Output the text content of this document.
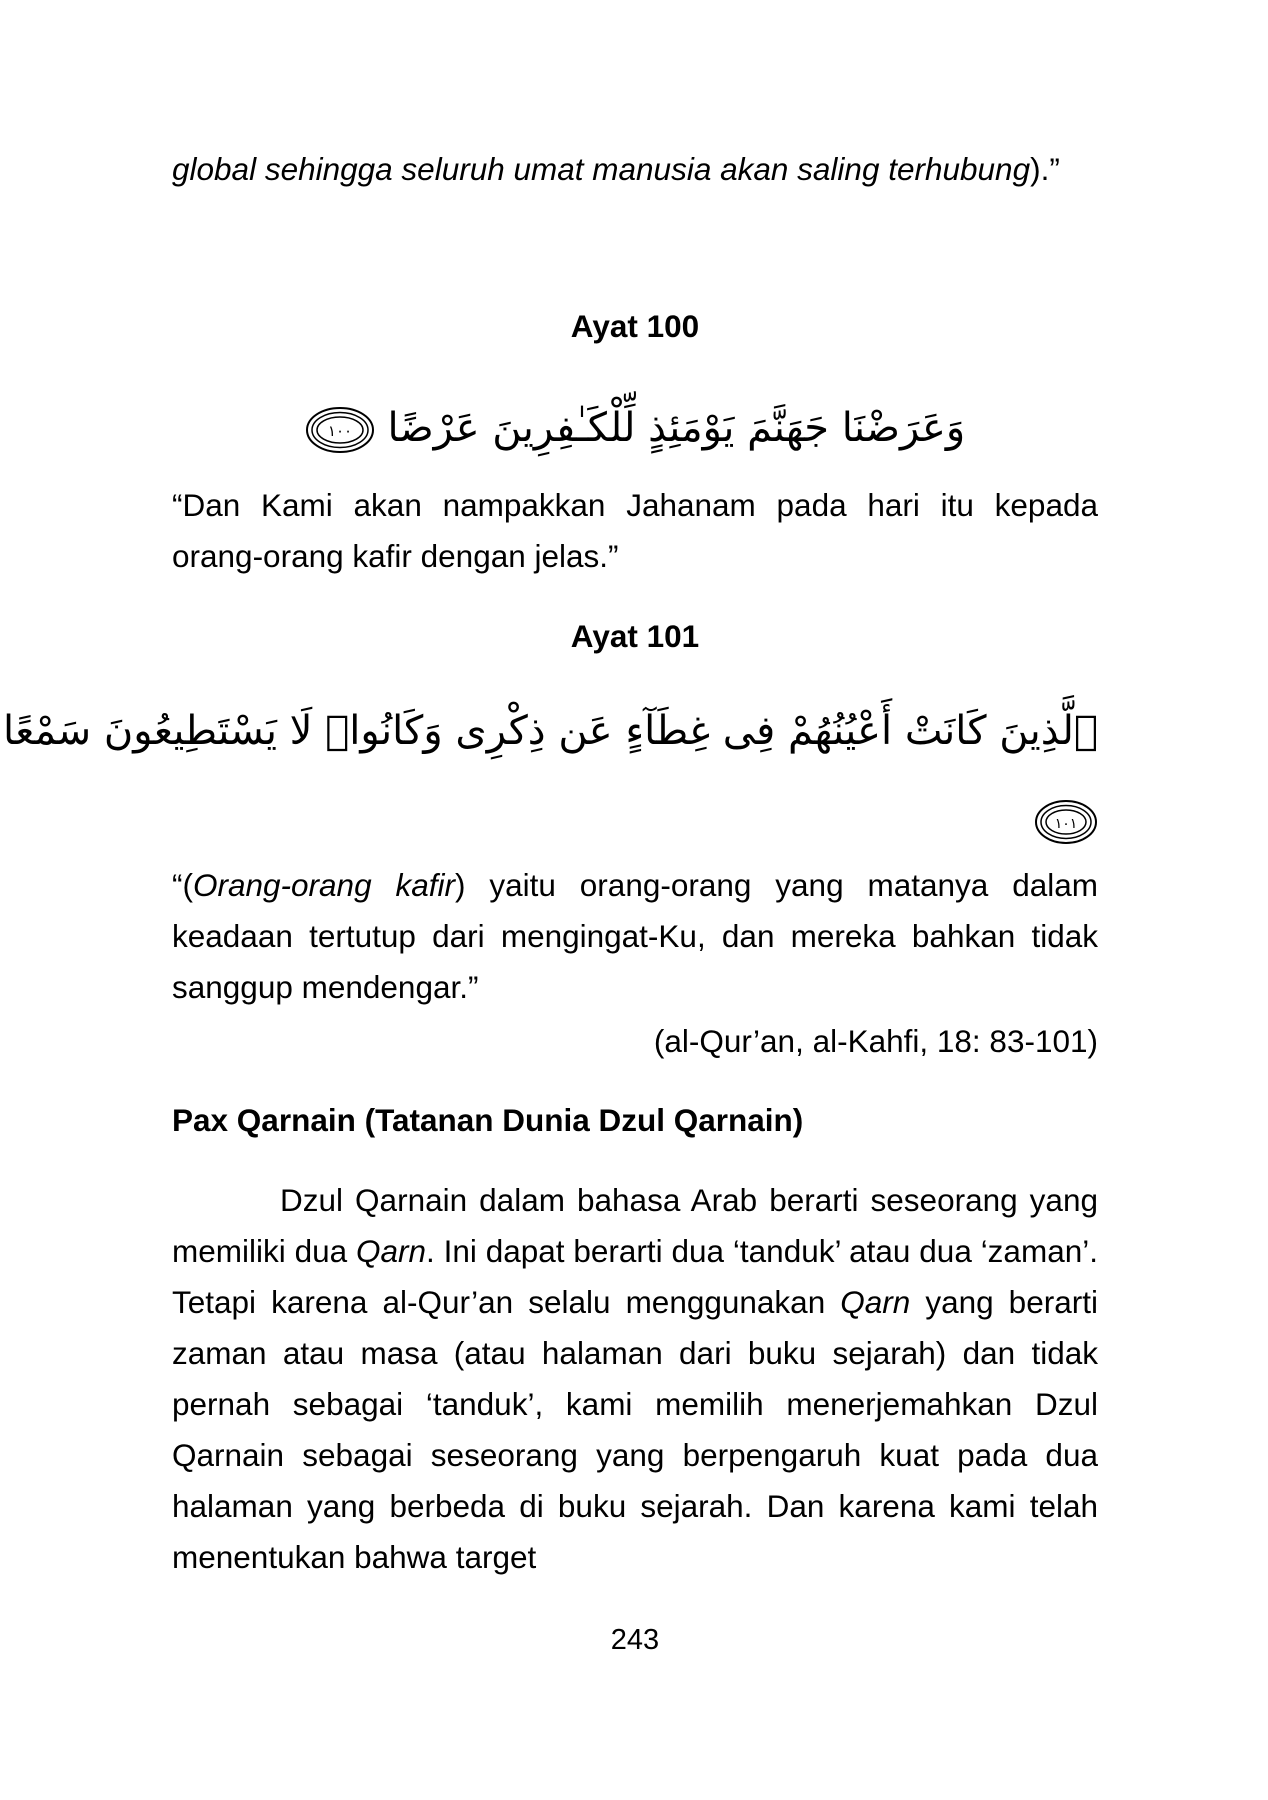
global sehingga seluruh umat manusia akan saling terhubung).”

Ayat 100
وَعَرَضْنَا جَهَنَّمَ يَوْمَئِذٍ لِّلْكَـٰفِرِينَ عَرْضًا
١٠٠

“Dan Kami akan nampakkan Jahanam pada hari itu kepada orang-orang kafir dengan jelas.”

Ayat 101
ٱلَّذِينَ كَانَتْ أَعْيُنُهُمْ فِى غِطَآءٍ عَن ذِكْرِى وَكَانُوا۟ لَا يَسْتَطِيعُونَ سَمْعًا
١٠١

“(Orang-orang kafir) yaitu orang-orang yang matanya dalam keadaan tertutup dari mengingat-Ku, dan mereka bahkan tidak sanggup mendengar.”

(al-Qur’an, al-Kahfi, 18: 83-101)
Pax Qarnain (Tatanan Dunia Dzul Qarnain)

Dzul Qarnain dalam bahasa Arab berarti seseorang yang memiliki dua Qarn. Ini dapat berarti dua ‘tanduk’ atau dua ‘zaman’. Tetapi karena al-Qur’an selalu menggunakan Qarn yang berarti zaman atau masa (atau halaman dari buku sejarah) dan tidak pernah sebagai ‘tanduk’, kami memilih menerjemahkan Dzul Qarnain sebagai seseorang yang berpengaruh kuat pada dua halaman yang berbeda di buku sejarah. Dan karena kami telah menentukan bahwa target

243
